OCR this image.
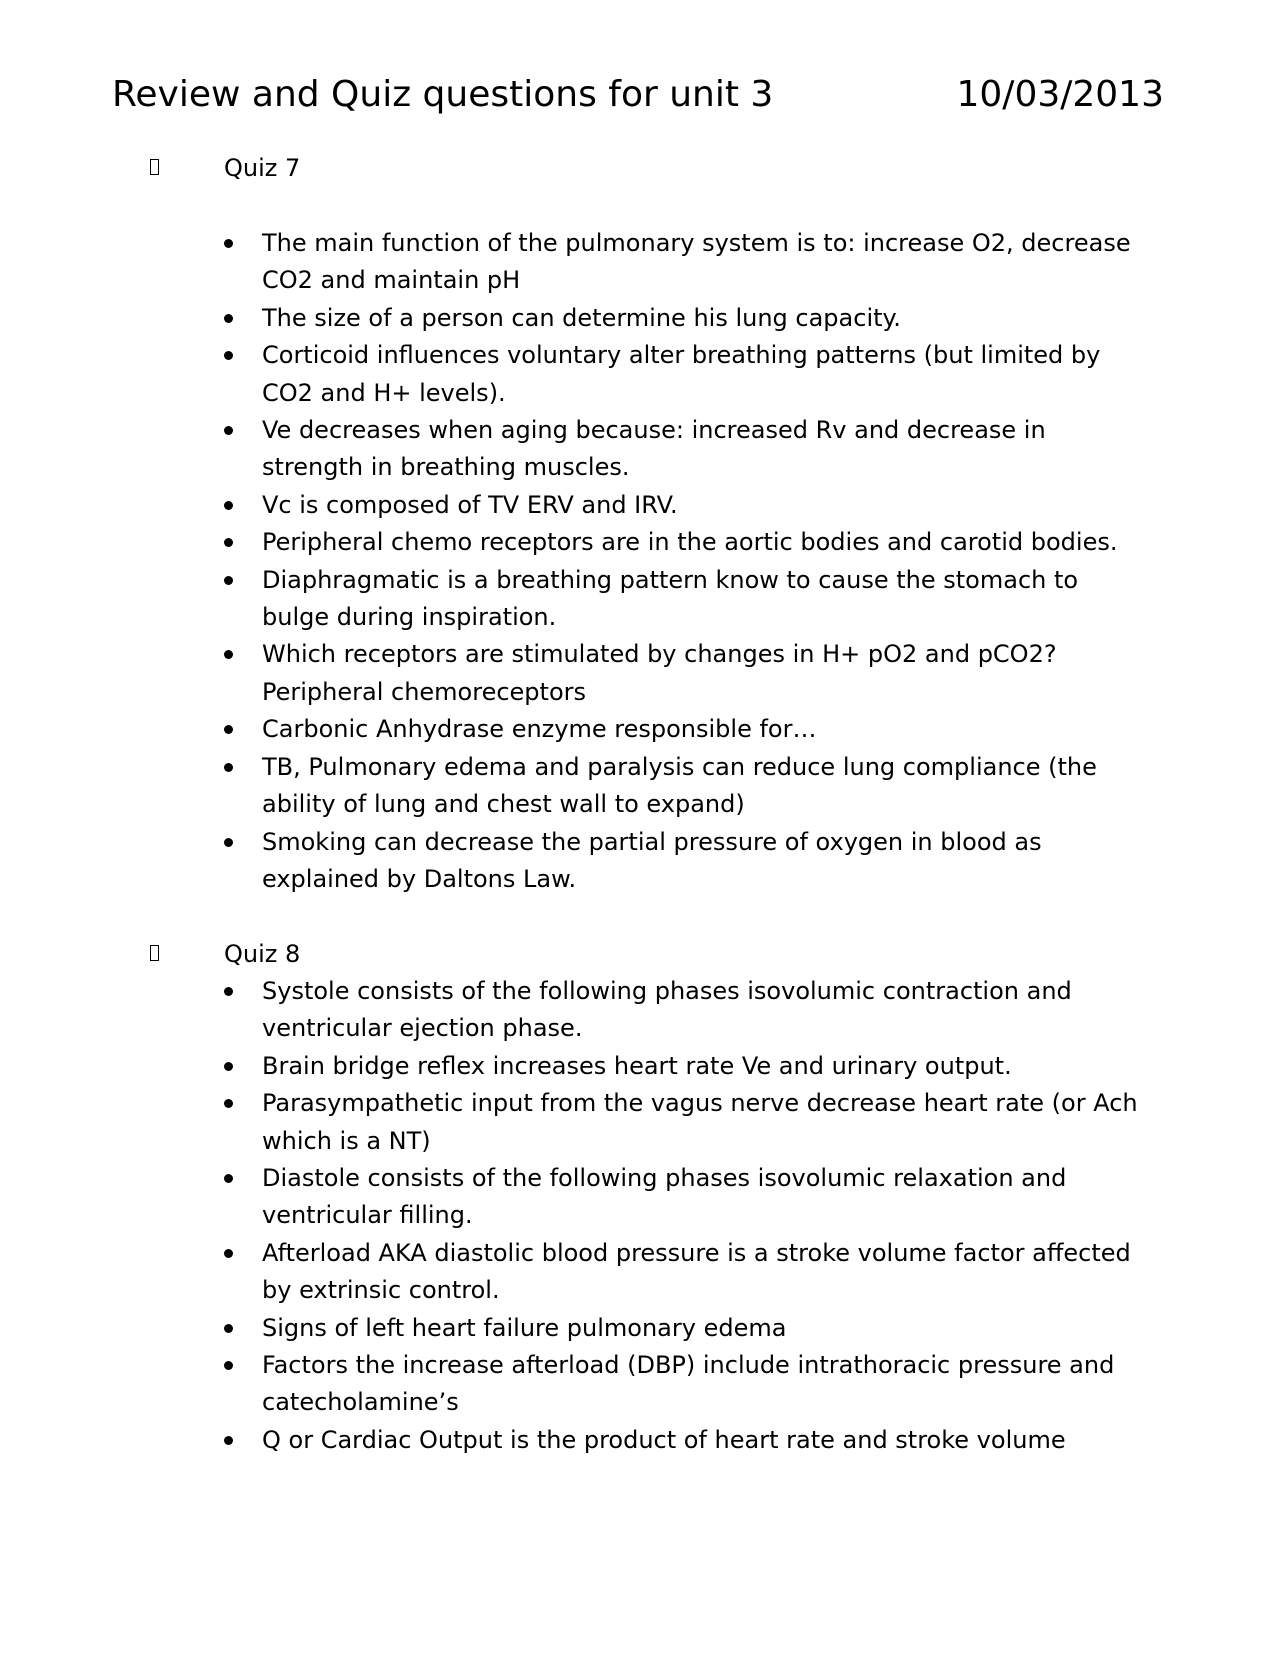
Review and Quiz questions for unit 3	10/03/2013
Quiz 7
The main function of the pulmonary system is to: increase O2, decrease CO2 and maintain pH
The size of a person can determine his lung capacity.
Corticoid influences voluntary alter breathing patterns (but limited by CO2 and H+ levels).
Ve decreases when aging because: increased Rv and decrease in strength in breathing muscles.
Vc is composed of TV ERV and IRV.
Peripheral chemo receptors are in the aortic bodies and carotid bodies.
Diaphragmatic is a breathing pattern know to cause the stomach to bulge during inspiration.
Which receptors are stimulated by changes in H+ pO2 and pCO2? Peripheral chemoreceptors
Carbonic Anhydrase enzyme responsible for…
TB, Pulmonary edema and paralysis can reduce lung compliance (the ability of lung and chest wall to expand)
Smoking can decrease the partial pressure of oxygen in blood as explained by Daltons Law.
Quiz 8
Systole consists of the following phases isovolumic contraction and ventricular ejection phase.
Brain bridge reflex increases heart rate Ve and urinary output.
Parasympathetic input from the vagus nerve decrease heart rate (or Ach which is a NT)
Diastole consists of the following phases isovolumic relaxation and ventricular filling.
Afterload AKA diastolic blood pressure is a stroke volume factor affected by extrinsic control.
Signs of left heart failure pulmonary edema
Factors the increase afterload (DBP) include intrathoracic pressure and catecholamine’s
Q or Cardiac Output is the product of heart rate and stroke volume
